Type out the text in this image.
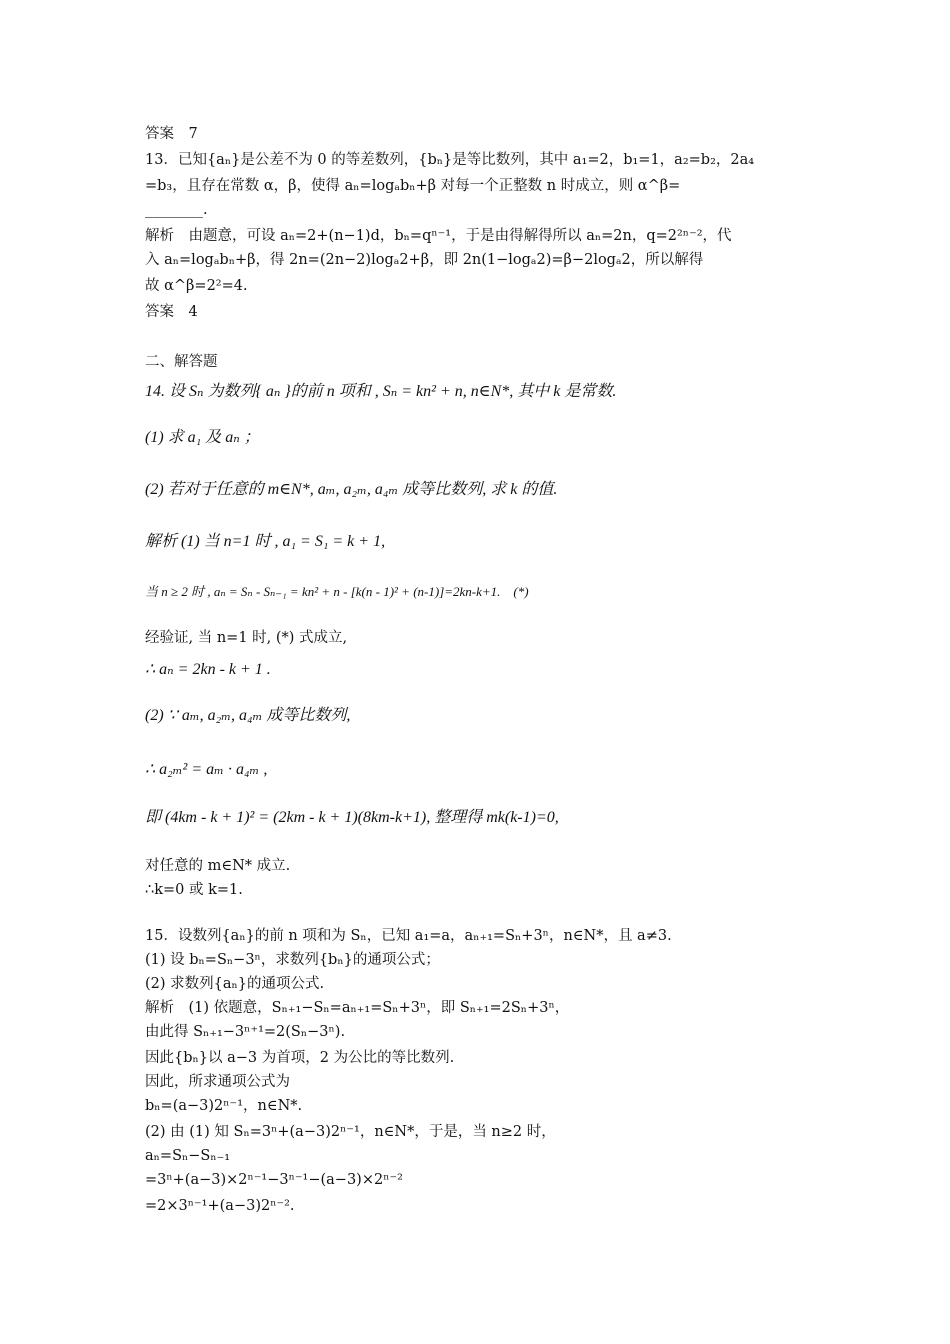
答案　7
13．已知{aₙ}是公差不为 0 的等差数列，{bₙ}是等比数列，其中 a₁=2，b₁=1，a₂=b₂，2a₄
=b₃，且存在常数 α，β，使得 aₙ=logₐbₙ+β 对每一个正整数 n 时成立，则 α^β=
________.
解析　由题意，可设 aₙ=2+(n−1)d，bₙ=qⁿ⁻¹，于是由得解得所以 aₙ=2n，q=2²ⁿ⁻²，代
入 aₙ=logₐbₙ+β，得 2n=(2n−2)logₐ2+β，即 2n(1−logₐ2)=β−2logₐ2，所以解得
故 α^β=2²=4.
答案　4
二、解答题
14. 设 Sₙ 为数列{ aₙ }的前 n 项和 , Sₙ = kn² + n, n∈N*, 其中 k 是常数.
(1) 求 a₁ 及 aₙ ；
(2) 若对于任意的 m∈N*, aₘ, a₂ₘ, a₄ₘ 成等比数列, 求 k 的值.
解析 (1) 当 n=1 时 , a₁ = S₁ = k + 1,
当 n ≥ 2 时 , aₙ = Sₙ - Sₙ₋₁ = kn² + n - [k(n - 1)² + (n-1)]=2kn-k+1.　(*)
经验证, 当 n=1 时, (*) 式成立,
∴ aₙ = 2kn - k + 1 .
(2) ∵ aₘ, a₂ₘ, a₄ₘ 成等比数列,
∴ a₂ₘ² = aₘ · a₄ₘ ,
即 (4km - k + 1)² = (2km - k + 1)(8km-k+1), 整理得 mk(k-1)=0,
对任意的 m∈N* 成立.
∴k=0 或 k=1.
15．设数列{aₙ}的前 n 项和为 Sₙ，已知 a₁=a，aₙ₊₁=Sₙ+3ⁿ，n∈N*，且 a≠3.
(1) 设 bₙ=Sₙ−3ⁿ，求数列{bₙ}的通项公式；
(2) 求数列{aₙ}的通项公式.
解析　(1) 依题意，Sₙ₊₁−Sₙ=aₙ₊₁=Sₙ+3ⁿ，即 Sₙ₊₁=2Sₙ+3ⁿ，
由此得 Sₙ₊₁−3ⁿ⁺¹=2(Sₙ−3ⁿ).
因此{bₙ}以 a−3 为首项，2 为公比的等比数列.
因此，所求通项公式为
bₙ=(a−3)2ⁿ⁻¹，n∈N*.
(2) 由 (1) 知 Sₙ=3ⁿ+(a−3)2ⁿ⁻¹，n∈N*，于是，当 n≥2 时，
aₙ=Sₙ−Sₙ₋₁
=3ⁿ+(a−3)×2ⁿ⁻¹−3ⁿ⁻¹−(a−3)×2ⁿ⁻²
=2×3ⁿ⁻¹+(a−3)2ⁿ⁻².
